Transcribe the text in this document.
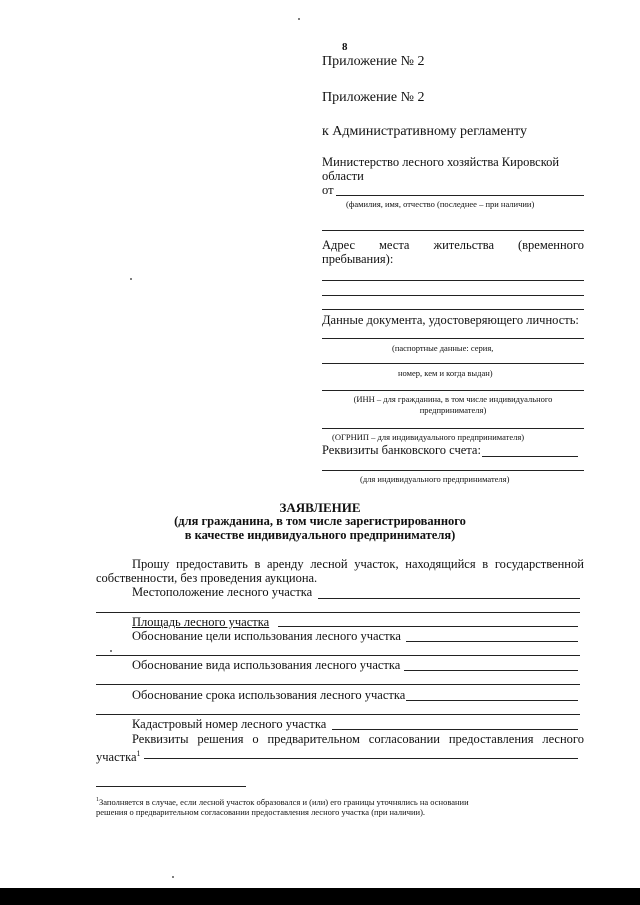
8
Приложение № 2
Приложение № 2
к Административному регламенту
Министерство лесного хозяйства Кировской
области
от
(фамилия, имя, отчество (последнее – при наличии)
Адрес места жительства (временного
пребывания):
Данные документа, удостоверяющего личность:
(паспортные данные: серия,
номер, кем и когда выдан)
(ИНН – для гражданина, в том числе индивидуального
предпринимателя)
(ОГРНИП – для индивидуального предпринимателя)
Реквизиты банковского счета:
(для индивидуального предпринимателя)
ЗАЯВЛЕНИЕ
(для гражданина, в том числе зарегистрированного
в качестве индивидуального предпринимателя)
Прошу предоставить в аренду лесной участок, находящийся в государственной
собственности, без проведения аукциона.
Местоположение лесного участка
Площадь лесного участка
Обоснование цели использования лесного участка
Обоснование вида использования лесного участка
Обоснование срока использования лесного участка
Кадастровый номер лесного участка
Реквизиты решения о предварительном согласовании предоставления лесного
участка$^1$
$^1$Заполняется в случае, если лесной участок образовался и (или) его границы уточнялись на основании
решения о предварительном согласовании предоставления лесного участка (при наличии).
